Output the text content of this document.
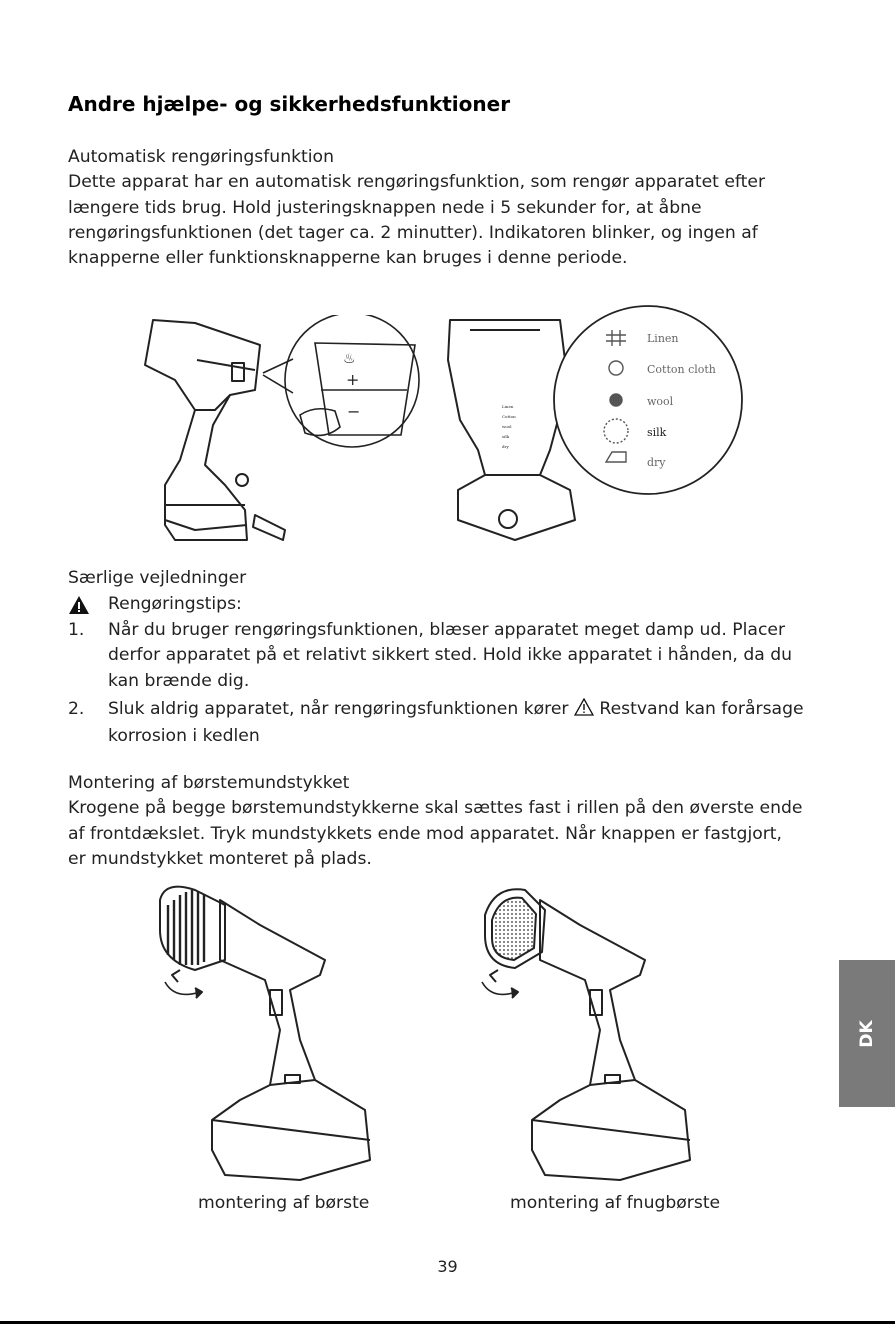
Andre hjælpe- og sikkerhedsfunktioner

Automatisk rengøringsfunktion

Dette apparat har en automatisk rengøringsfunktion, som rengør apparatet efter

længere tids brug. Hold justeringsknappen nede i 5 sekunder for, at åbne

rengøringsfunktionen (det tager ca. 2 minutter). Indikatoren blinker, og ingen af

knapperne eller funktionsknapperne kan bruges i denne periode.

♨
+
−	Linen
Cotton
wool
silk
dry
Linen
Cotton cloth
wool
silk
dry
Særlige vejledninger
Rengøringstips:
1. Når du bruger rengøringsfunktionen, blæser apparatet meget damp ud. Placer
derfor apparatet på et relativt sikkert sted. Hold ikke apparatet i hånden, da du
kan brænde dig.
2. Sluk aldrig apparatet, når rengøringsfunktionen kører Restvand kan forårsage
korrosion i kedlen

Montering af børstemundstykket

Krogene på begge børstemundstykkerne skal sættes fast i rillen på den øverste ende

af frontdækslet. Tryk mundstykkets ende mod apparatet. Når knappen er fastgjort,

er mundstykket monteret på plads.

montering af børste	montering af fnugbørste
DK
39
